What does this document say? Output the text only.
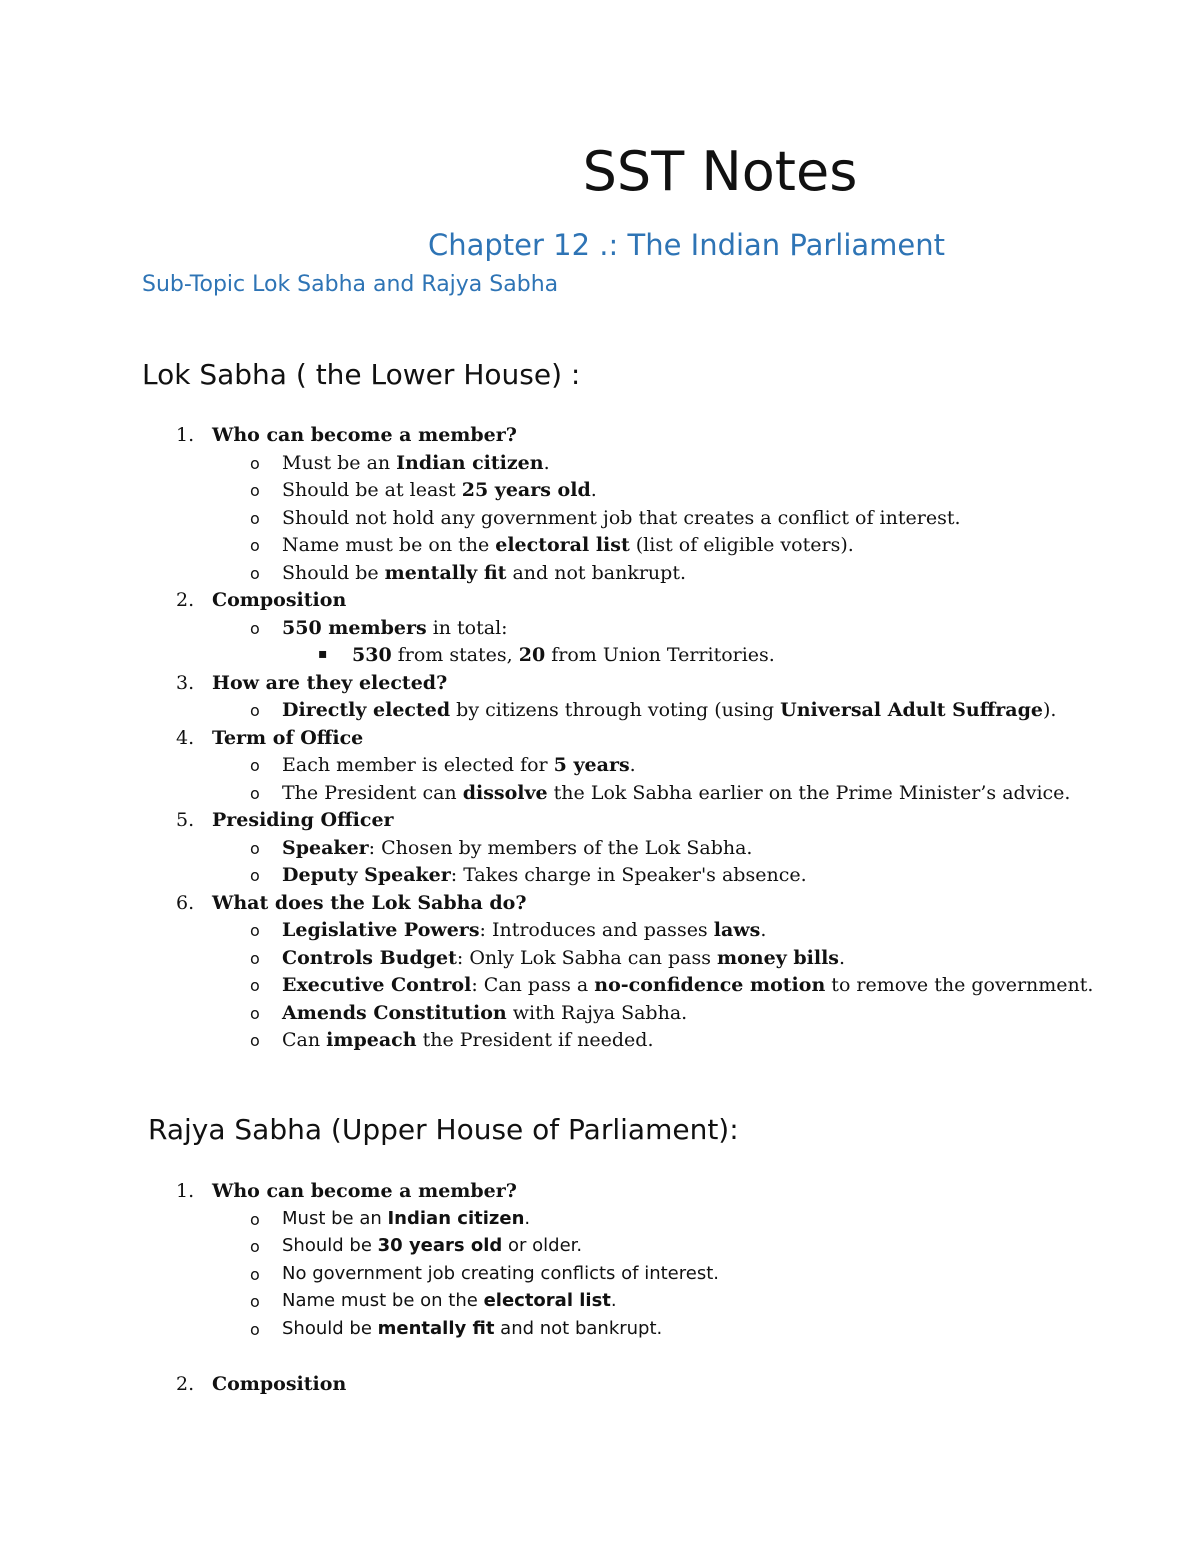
SST Notes
Chapter 12 .: The Indian Parliament
Sub-Topic Lok Sabha and Rajya Sabha
Lok Sabha ( the Lower House) :
1. Who can become a member?
o Must be an Indian citizen.
o Should be at least 25 years old.
o Should not hold any government job that creates a conflict of interest.
o Name must be on the electoral list (list of eligible voters).
o Should be mentally fit and not bankrupt.
2. Composition
o 550 members in total:
▪ 530 from states, 20 from Union Territories.
3. How are they elected?
o Directly elected by citizens through voting (using Universal Adult Suffrage).
4. Term of Office
o Each member is elected for 5 years.
o The President can dissolve the Lok Sabha earlier on the Prime Minister’s advice.
5. Presiding Officer
o Speaker: Chosen by members of the Lok Sabha.
o Deputy Speaker: Takes charge in Speaker's absence.
6. What does the Lok Sabha do?
o Legislative Powers: Introduces and passes laws.
o Controls Budget: Only Lok Sabha can pass money bills.
o Executive Control: Can pass a no-confidence motion to remove the government.
o Amends Constitution with Rajya Sabha.
o Can impeach the President if needed.
Rajya Sabha (Upper House of Parliament):
1. Who can become a member?
o Must be an Indian citizen.
o Should be 30 years old or older.
o No government job creating conflicts of interest.
o Name must be on the electoral list.
o Should be mentally fit and not bankrupt.
2. Composition
